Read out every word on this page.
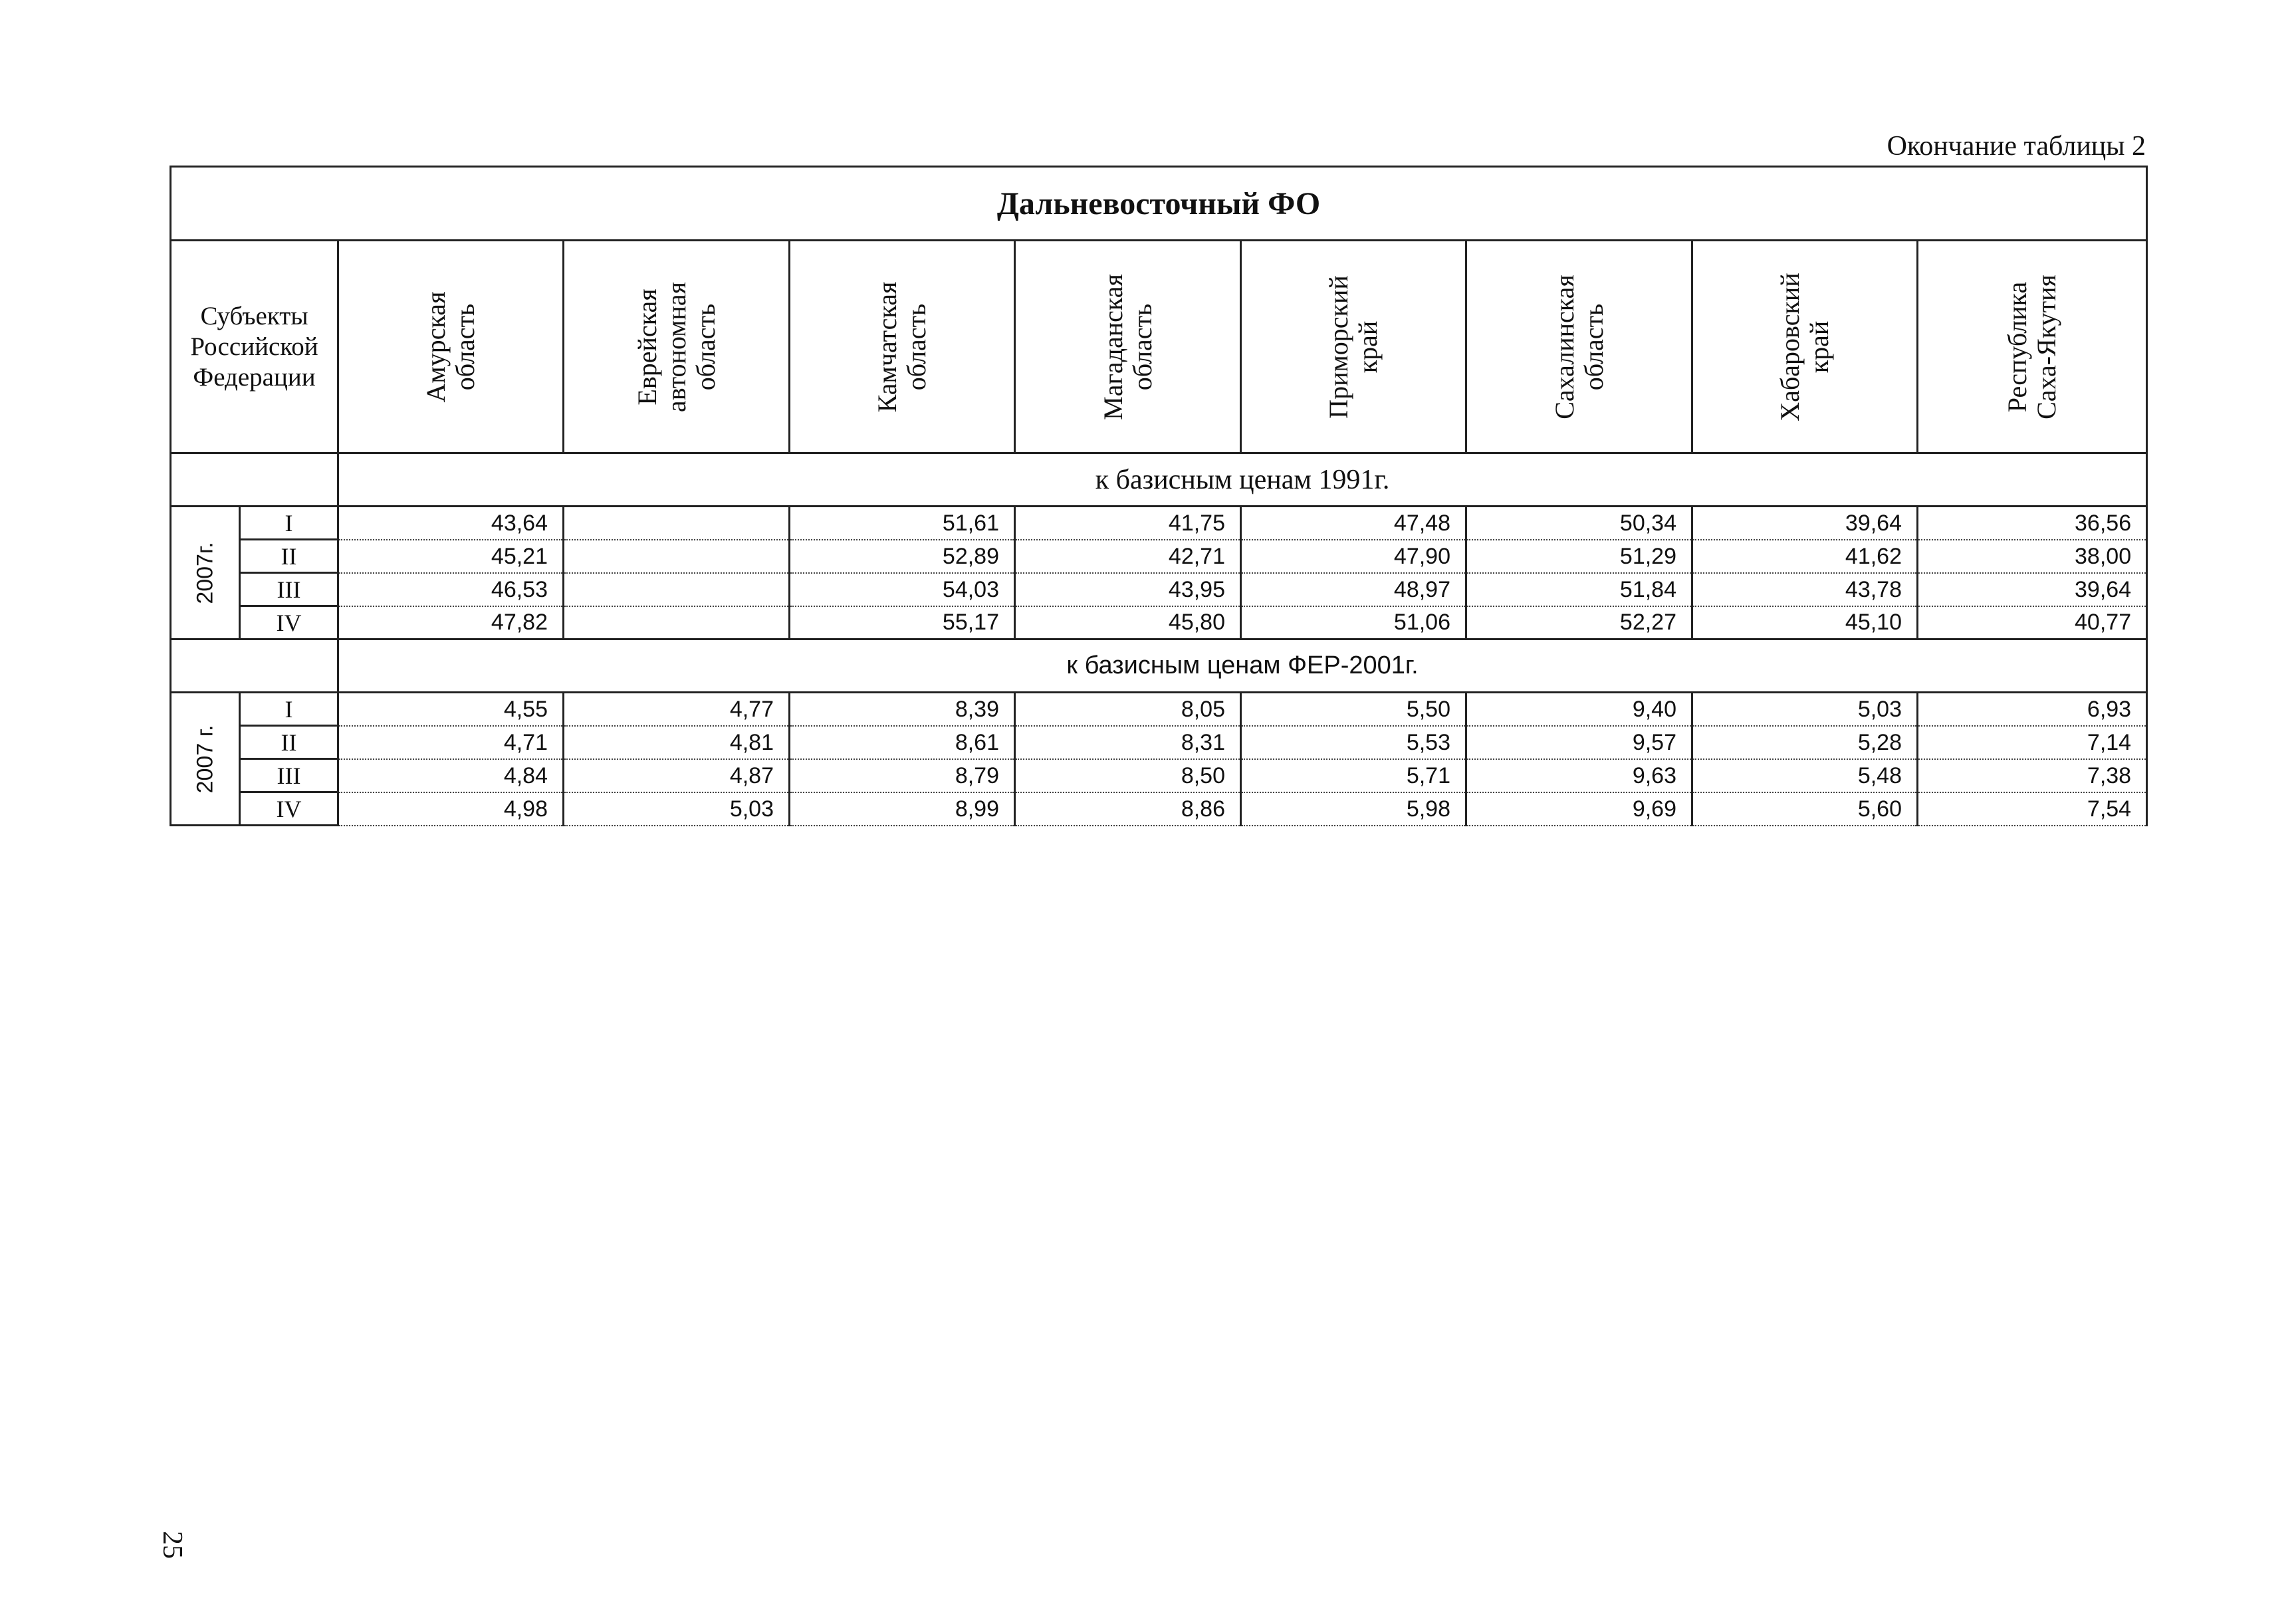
Окончание таблицы 2
Дальневосточный ФО									
Субъекты Российской Федерации		Амурская область	Еврейская автономная область	Камчатская область	Магаданская область	Приморский край	Сахалинская область	Хабаровский край	Республика Саха-Якутия

		к базисным ценам 1991г.							

2007г.	I	43,64		51,61	41,75	47,48	50,34	39,64	36,56
	II	45,21		52,89	42,71	47,90	51,29	41,62	38,00
	III	46,53		54,03	43,95	48,97	51,84	43,78	39,64
	IV	47,82		55,17	45,80	51,06	52,27	45,10	40,77
		к базисным ценам ФЕР-2001г.							

2007 г.	I	4,55	4,77	8,39	8,05	5,50	9,40	5,03	6,93
	II	4,71	4,81	8,61	8,31	5,53	9,57	5,28	7,14
	III	4,84	4,87	8,79	8,50	5,71	9,63	5,48	7,38
	IV	4,98	5,03	8,99	8,86	5,98	9,69	5,60	7,54
25
